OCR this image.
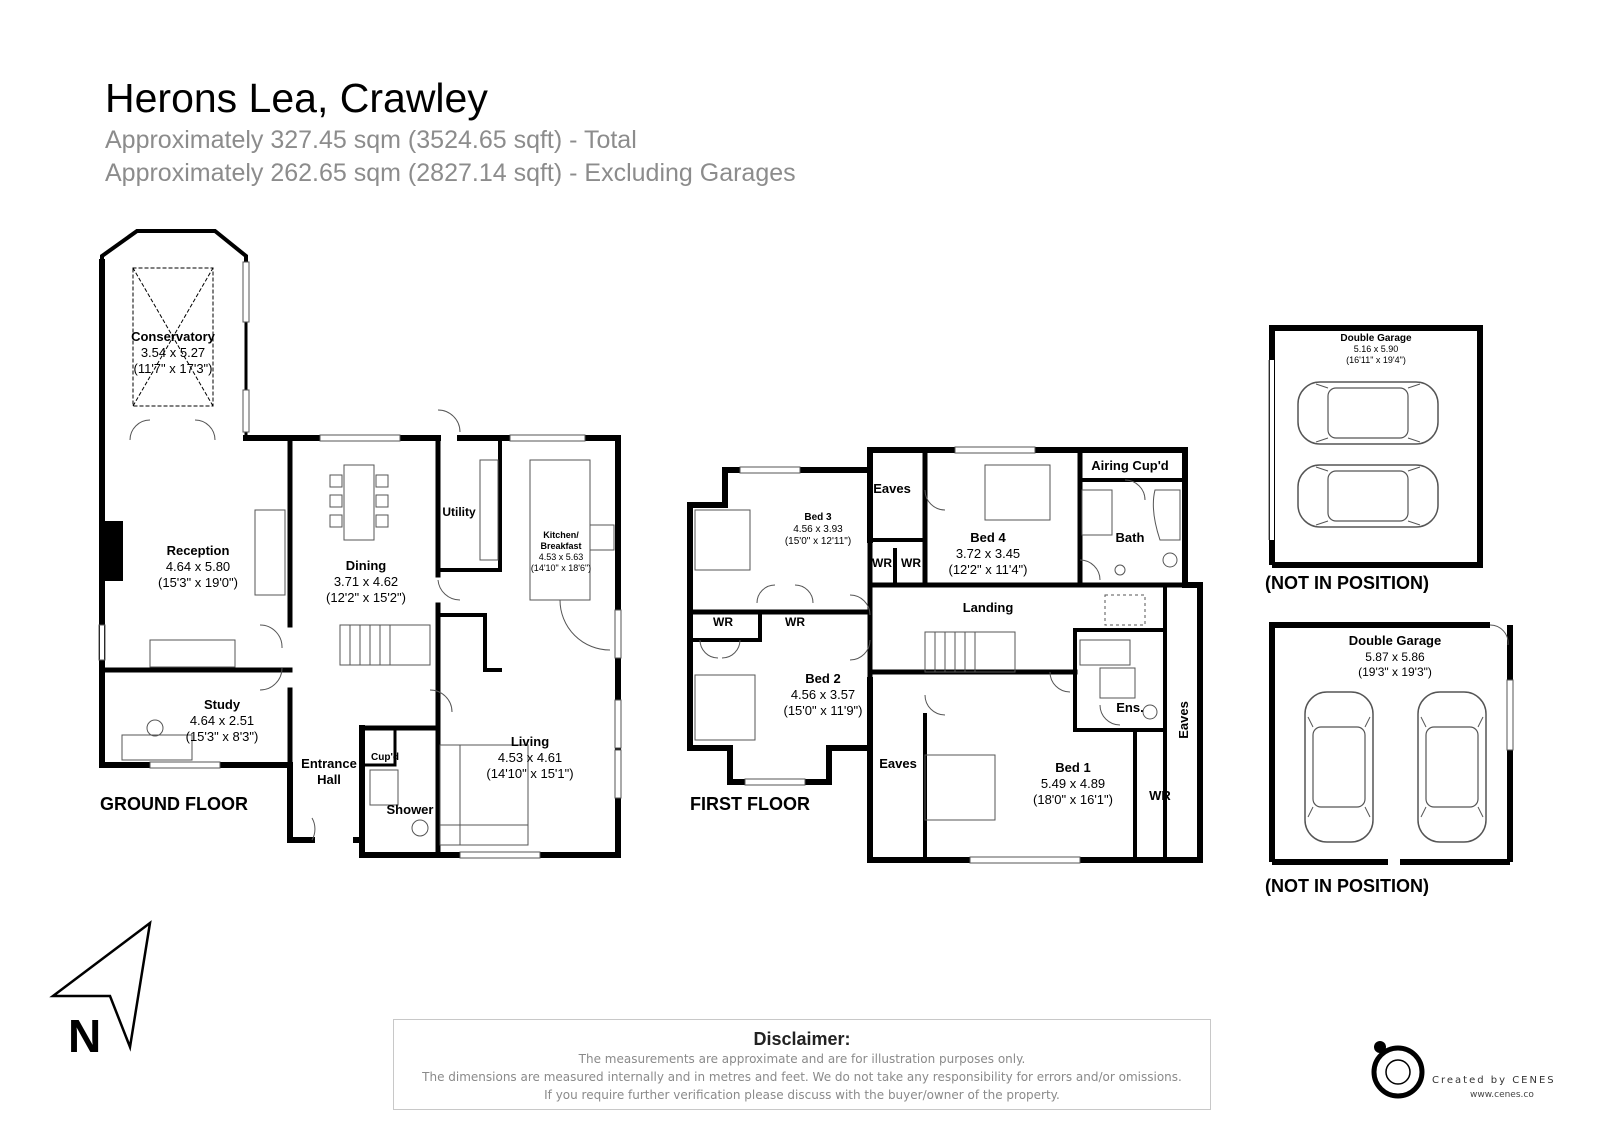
Herons Lea, Crawley
Approximately 327.45 sqm (3524.65 sqft) - Total
Approximately 262.65 sqm (2827.14 sqft) - Excluding Garages
Conservatory
3.54 x 5.27
(11'7" x 17'3")
Reception
4.64 x 5.80
(15'3" x 19'0")
Study
4.64 x 2.51
(15'3" x 8'3")
Dining
3.71 x 4.62
(12'2" x 15'2")
Utility
Kitchen/
Breakfast
4.53 x 5.63
(14'10" x 18'6")
Living
4.53 x 4.61
(14'10" x 15'1")
Entrance
Hall
Cup'd
Shower
GROUND FLOOR
Bed 3
4.56 x 3.93
(15'0" x 12'11")
Eaves
WR WR
Bed 4
3.72 x 3.45
(12'2" x 11'4")
Airing Cup'd
Bath
Landing
WR	WR
Bed 2
4.56 x 3.57
(15'0" x 11'9")	Ens. Eaves
Eaves	Bed 1
5.49 x 4.89
(18'0" x 16'1")	WR
FIRST FLOOR
Double Garage
5.16 x 5.90
(16'11" x 19'4")
(NOT IN POSITION)
Double Garage
5.87 x 5.86
(19'3" x 19'3")
(NOT IN POSITION)
N	Disclaimer:
The measurements are approximate and are for illustration purposes only.
The dimensions are measured internally and in metres and feet. We do not take any responsibility for errors and/or omissions.
If you require further verification please discuss with the buyer/owner of the property.
Created by CENES
www.cenes.co
